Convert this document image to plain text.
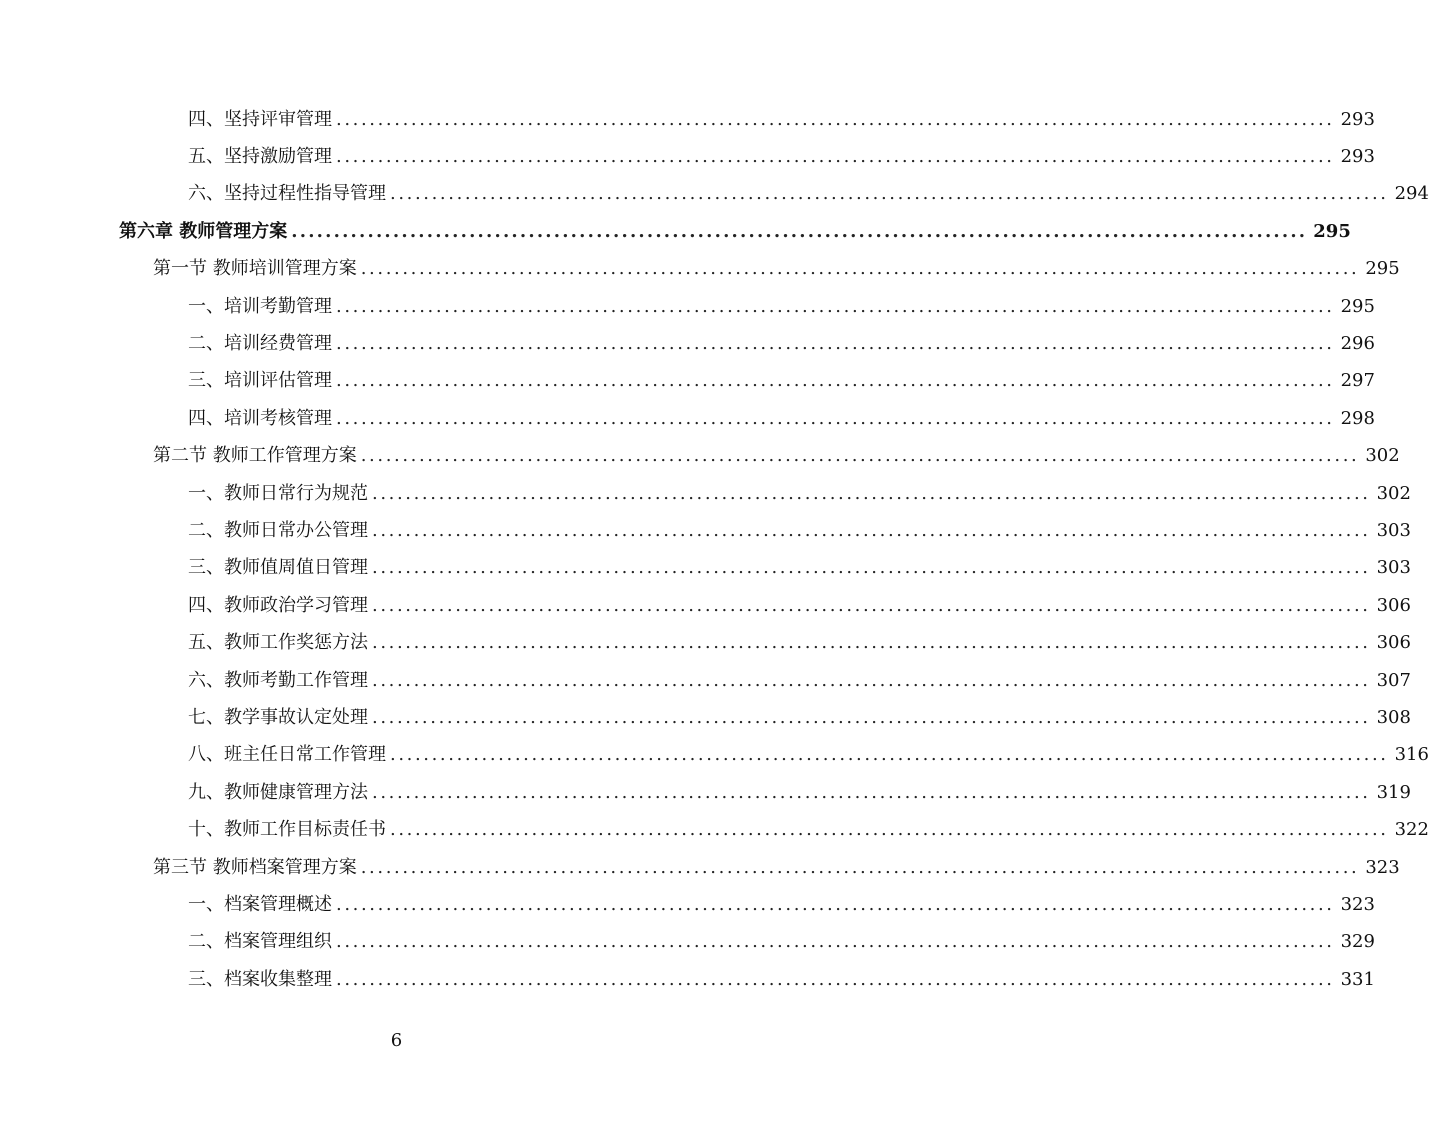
四、坚持评审管理 ........................................................................................................................ 293
五、坚持激励管理 ........................................................................................................................ 293
六、坚持过程性指导管理 ........................................................................................................................ 294
第六章 教师管理方案 ........................................................................................................................ 295
第一节 教师培训管理方案 ........................................................................................................................ 295
一、培训考勤管理 ........................................................................................................................ 295
二、培训经费管理 ........................................................................................................................ 296
三、培训评估管理 ........................................................................................................................ 297
四、培训考核管理 ........................................................................................................................ 298
第二节 教师工作管理方案 ........................................................................................................................ 302
一、教师日常行为规范 ........................................................................................................................ 302
二、教师日常办公管理 ........................................................................................................................ 303
三、教师值周值日管理 ........................................................................................................................ 303
四、教师政治学习管理 ........................................................................................................................ 306
五、教师工作奖惩方法 ........................................................................................................................ 306
六、教师考勤工作管理 ........................................................................................................................ 307
七、教学事故认定处理 ........................................................................................................................ 308
八、班主任日常工作管理 ........................................................................................................................ 316
九、教师健康管理方法 ........................................................................................................................ 319
十、教师工作目标责任书 ........................................................................................................................ 322
第三节 教师档案管理方案 ........................................................................................................................ 323
一、档案管理概述 ........................................................................................................................ 323
二、档案管理组织 ........................................................................................................................ 329
三、档案收集整理 ........................................................................................................................ 331
6
